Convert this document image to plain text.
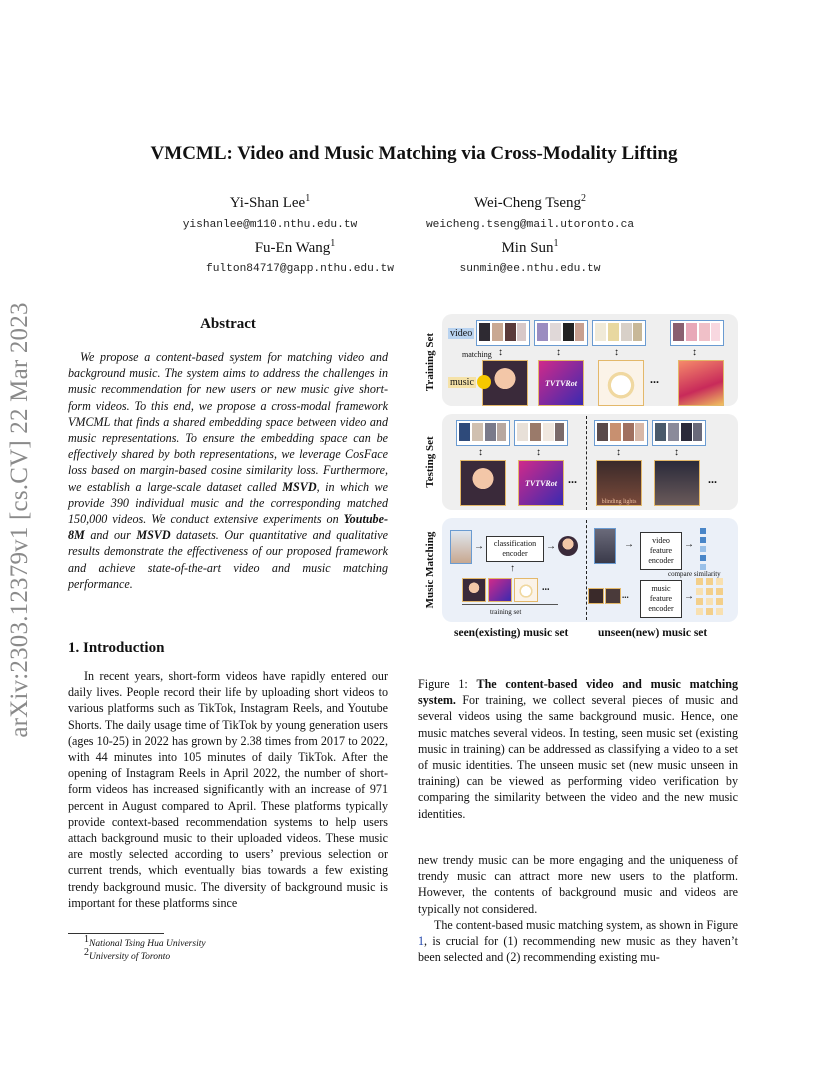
arXiv:2303.12379v1 [cs.CV] 22 Mar 2023
VMCML: Video and Music Matching via Cross-Modality Lifting
Yi-Shan Lee$^1$
yishanlee@m110.nthu.edu.tw
Wei-Cheng Tseng$^2$
weicheng.tseng@mail.utoronto.ca
Fu-En Wang$^1$
fulton84717@gapp.nthu.edu.tw
Min Sun$^1$
sunmin@ee.nthu.edu.tw
Abstract
We propose a content-based system for matching video and background music. The system aims to address the challenges in music recommendation for new users or new music give short-form videos. To this end, we propose a cross-modal framework VMCML that finds a shared embedding space between video and music representations. To ensure the embedding space can be effectively shared by both representations, we leverage CosFace loss based on margin-based cosine similarity loss. Furthermore, we establish a large-scale dataset called MSVD, in which we provide 390 individual music and the corresponding matched 150,000 videos. We conduct extensive experiments on Youtube-8M and our MSVD datasets. Our quantitative and qualitative results demonstrate the effectiveness of our proposed framework and achieve state-of-the-art video and music matching performance.
1. Introduction
In recent years, short-form videos have rapidly entered our daily lives. People record their life by uploading short videos to various platforms such as TikTok, Instagram Reels, and Youtube Shorts. The daily usage time of TikTok by young generation users (ages 10-25) in 2022 has grown by 2.38 times from 2017 to 2022, with 44 minutes into 105 minutes of daily TikTok. After the opening of Instagram Reels in April 2022, the number of short-form videos has increased significantly with an increase of 971 percent in August compared to April. These platforms typically provide context-based recommendation systems to help users attach background music to their uploaded videos. These music are mostly selected according to users’ previous selection or current trends, which eventually bias towards a few existing trendy background music. The diversity of background music is important for these platforms since
1National Tsing Hua University
2University of Toronto
Training Set video
matching
music
↕	↕	↕	↕
TVTVRot	...
Testing Set	↕	↕	↕	↕
TVTVRot ...
blinding lights
...
Music Matching	→	classification encoder
→
↑
...
training set
→	video feature encoder
→
compare similarity
...
music feature encoder
→
seen(existing) music set	unseen(new) music set
Figure 1: The content-based video and music matching system. For training, we collect several pieces of music and several videos using the same background music. Hence, one music matches several videos. In testing, seen music set (existing music in training) can be addressed as classifying a video to a set of music identities. The unseen music set (new music unseen in training) can be viewed as performing video verification by comparing the similarity between the video and the new music identities.
new trendy music can be more engaging and the uniqueness of trendy music can attract more new users to the platform. However, the contents of background music and videos are typically not considered.
The content-based music matching system, as shown in Figure 1, is crucial for (1) recommending new music as they haven’t been selected and (2) recommending existing mu-
